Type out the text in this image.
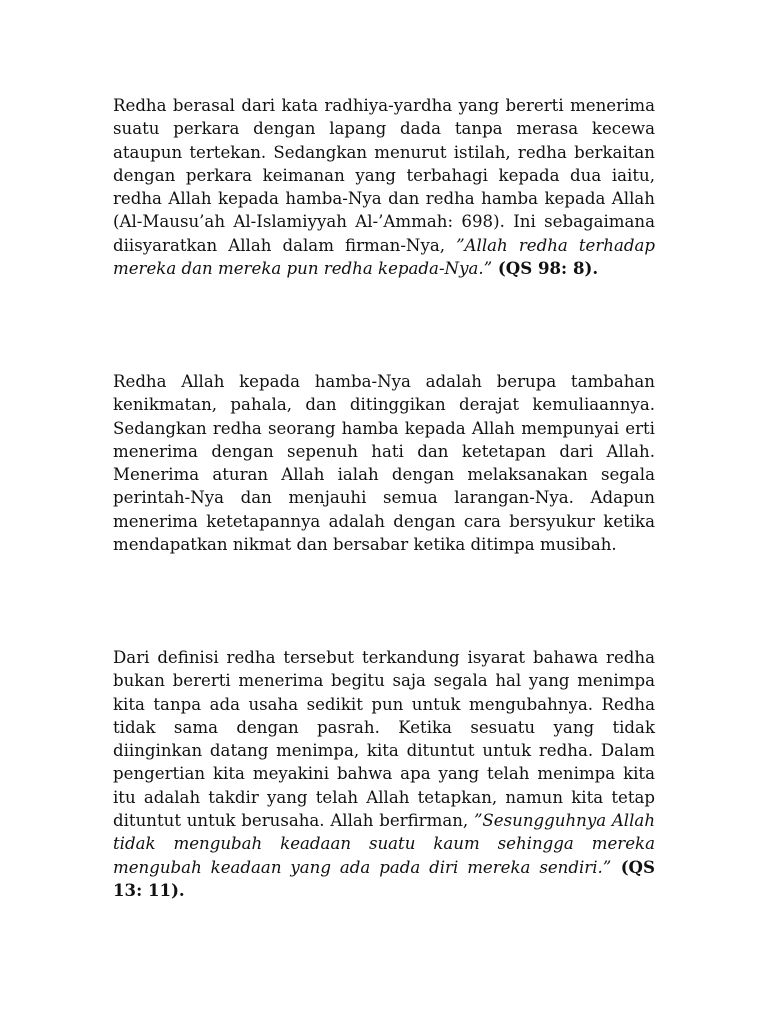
Redha berasal dari kata radhiya-yardha yang bererti menerima suatu perkara dengan lapang dada tanpa merasa kecewa ataupun tertekan. Sedangkan menurut istilah, redha berkaitan dengan perkara keimanan yang terbahagi kepada dua iaitu, redha Allah kepada hamba-Nya dan redha hamba kepada Allah (Al-Mausu’ah Al-Islamiyyah Al-’Ammah: 698). Ini sebagaimana diisyaratkan Allah dalam firman-Nya, ”Allah redha terhadap mereka dan mereka pun redha kepada-Nya.” (QS 98: 8).

Redha Allah kepada hamba-Nya adalah berupa tambahan kenikmatan, pahala, dan ditinggikan derajat kemuliaannya. Sedangkan redha seorang hamba kepada Allah mempunyai erti menerima dengan sepenuh hati dan ketetapan dari Allah. Menerima aturan Allah ialah dengan melaksanakan segala perintah-Nya dan menjauhi semua larangan-Nya. Adapun menerima ketetapannya adalah dengan cara bersyukur ketika mendapatkan nikmat dan bersabar ketika ditimpa musibah.

Dari definisi redha tersebut terkandung isyarat bahawa redha bukan bererti menerima begitu saja segala hal yang menimpa kita tanpa ada usaha sedikit pun untuk mengubahnya. Redha tidak sama dengan pasrah. Ketika sesuatu yang tidak diinginkan datang menimpa, kita dituntut untuk redha. Dalam pengertian kita meyakini bahwa apa yang telah menimpa kita itu adalah takdir yang telah Allah tetapkan, namun kita tetap dituntut untuk berusaha. Allah berfirman, ”Sesungguhnya Allah tidak mengubah keadaan suatu kaum sehingga mereka mengubah keadaan yang ada pada diri mereka sendiri.” (QS 13: 11).
